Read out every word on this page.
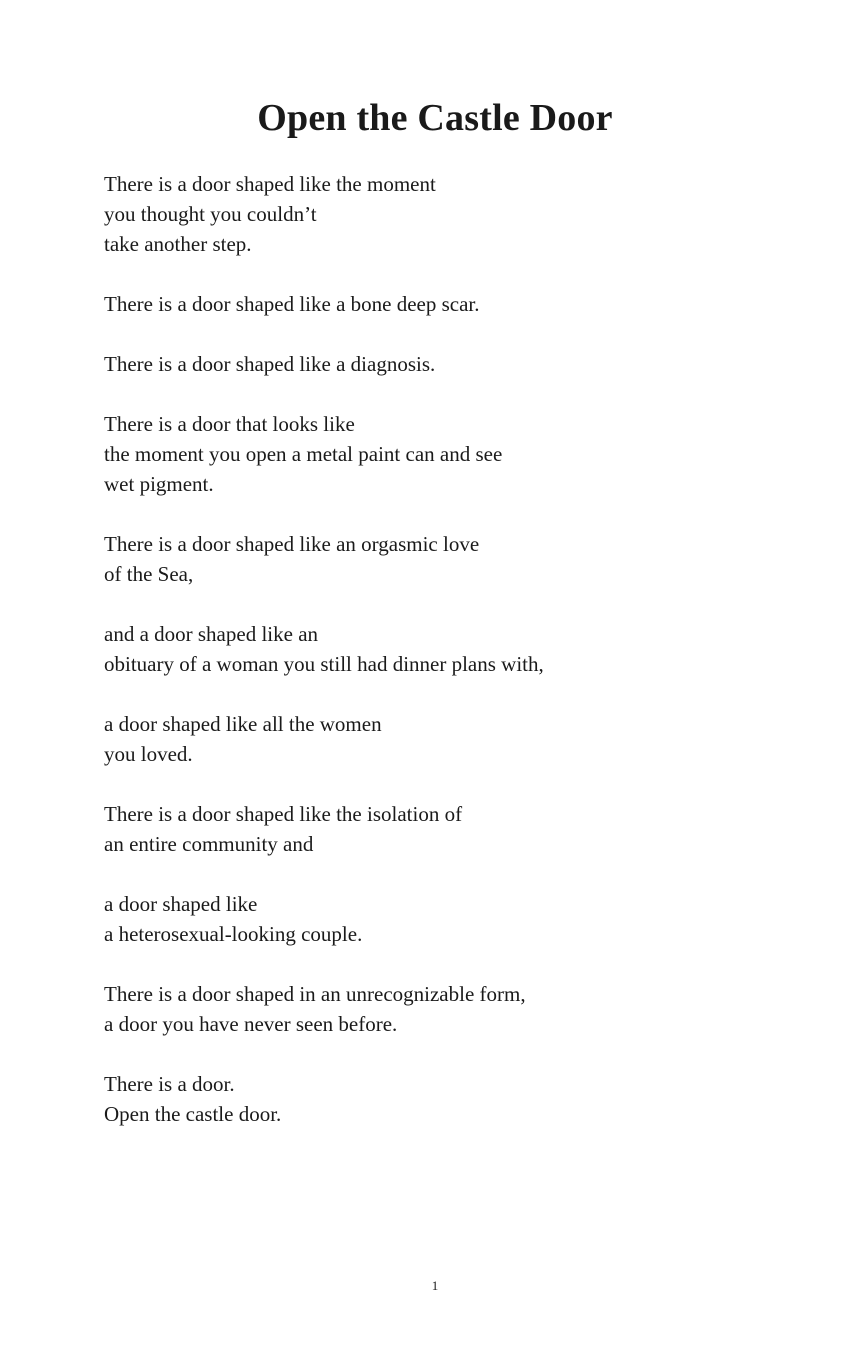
Open the Castle Door
There is a door shaped like the moment
you thought you couldn’t
take another step.
There is a door shaped like a bone deep scar.
There is a door shaped like a diagnosis.
There is a door that looks like
the moment you open a metal paint can and see
wet pigment.
There is a door shaped like an orgasmic love
of the Sea,
and a door shaped like an
obituary of a woman you still had dinner plans with,
a door shaped like all the women
you loved.
There is a door shaped like the isolation of
an entire community and
a door shaped like
a heterosexual-looking couple.
There is a door shaped in an unrecognizable form,
a door you have never seen before.
There is a door.
Open the castle door.
1
